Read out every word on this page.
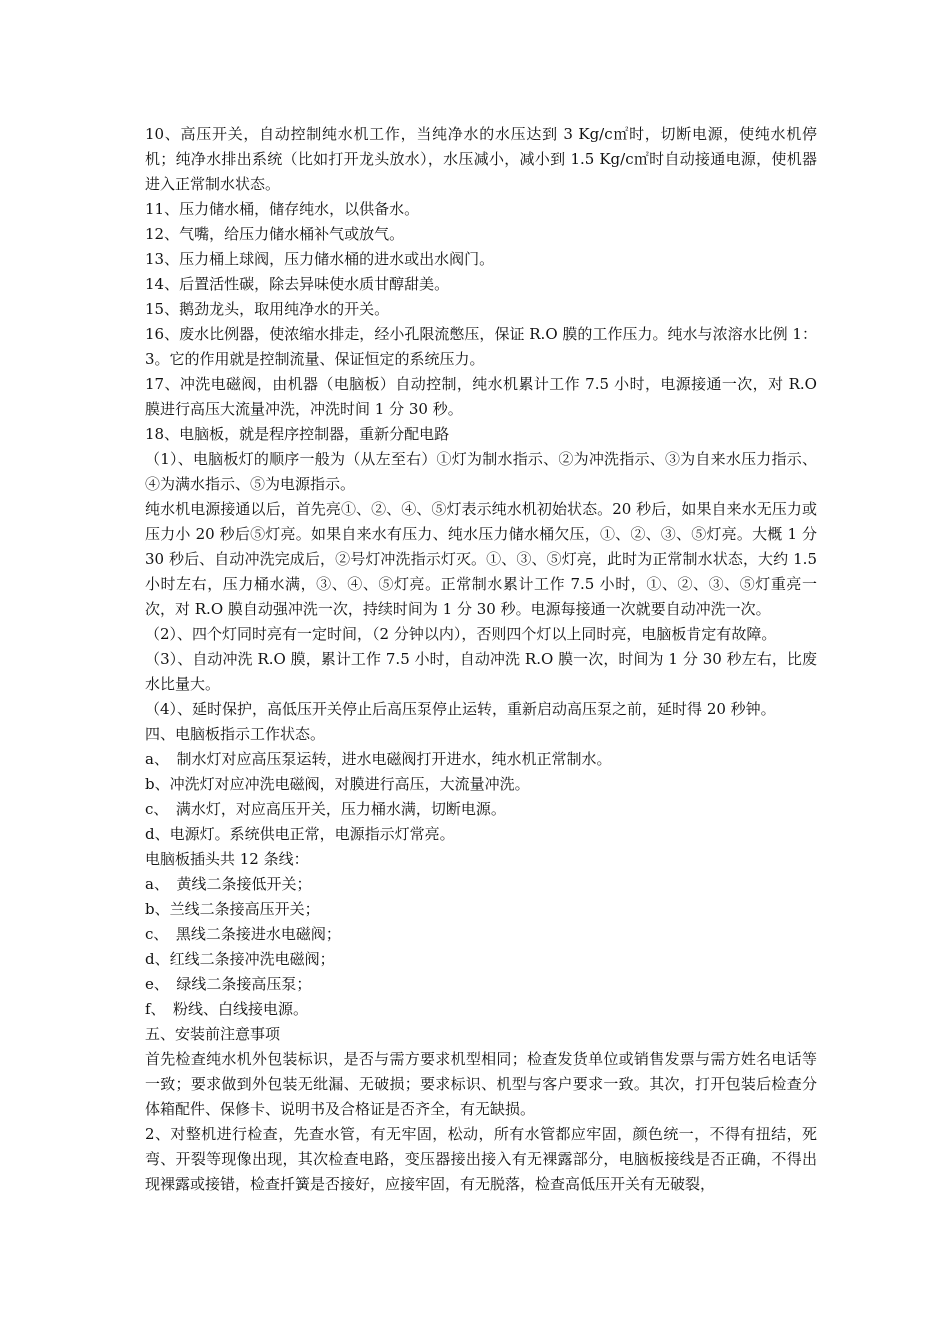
10、高压开关，自动控制纯水机工作，当纯净水的水压达到 3 Kg/c㎡时，切断电源，使纯水机停机；纯净水排出系统（比如打开龙头放水），水压减小，减小到 1.5 Kg/c㎡时自动接通电源，使机器进入正常制水状态。

11、压力储水桶，储存纯水，以供备水。

12、气嘴，给压力储水桶补气或放气。

13、压力桶上球阀，压力储水桶的进水或出水阀门。

14、后置活性碳，除去异味使水质甘醇甜美。

15、鹅劲龙头，取用纯净水的开关。

16、废水比例器，使浓缩水排走，经小孔限流憋压，保证 R.O 膜的工作压力。纯水与浓溶水比例 1：3。它的作用就是控制流量、保证恒定的系统压力。

17、冲洗电磁阀，由机器（电脑板）自动控制，纯水机累计工作 7.5 小时，电源接通一次，对 R.O 膜进行高压大流量冲洗，冲洗时间 1 分 30 秒。

18、电脑板，就是程序控制器，重新分配电路

（1）、电脑板灯的顺序一般为（从左至右）①灯为制水指示、②为冲洗指示、③为自来水压力指示、④为满水指示、⑤为电源指示。

纯水机电源接通以后，首先亮①、②、④、⑤灯表示纯水机初始状态。20 秒后，如果自来水无压力或压力小 20 秒后⑤灯亮。如果自来水有压力、纯水压力储水桶欠压，①、②、③、⑤灯亮。大概 1 分 30 秒后、自动冲洗完成后，②号灯冲洗指示灯灭。①、③、⑤灯亮，此时为正常制水状态，大约 1.5 小时左右，压力桶水满，③、④、⑤灯亮。正常制水累计工作 7.5 小时，①、②、③、⑤灯重亮一次，对 R.O 膜自动强冲洗一次，持续时间为 1 分 30 秒。电源每接通一次就要自动冲洗一次。

（2）、四个灯同时亮有一定时间，（2 分钟以内），否则四个灯以上同时亮，电脑板肯定有故障。

（3）、自动冲洗 R.O 膜，累计工作 7.5 小时，自动冲洗 R.O 膜一次，时间为 1 分 30 秒左右，比废水比量大。

（4）、延时保护，高低压开关停止后高压泵停止运转，重新启动高压泵之前，延时得 20 秒钟。

四、电脑板指示工作状态。

a、　制水灯对应高压泵运转，进水电磁阀打开进水，纯水机正常制水。

b、冲洗灯对应冲洗电磁阀，对膜进行高压，大流量冲洗。

c、　满水灯，对应高压开关，压力桶水满，切断电源。

d、电源灯。系统供电正常，电源指示灯常亮。

电脑板插头共 12 条线：

a、　黄线二条接低开关；

b、兰线二条接高压开关；

c、　黑线二条接进水电磁阀；

d、红线二条接冲洗电磁阀；

e、　绿线二条接高压泵；

f、　粉线、白线接电源。

五、安装前注意事项

首先检查纯水机外包装标识，是否与需方要求机型相同；检查发货单位或销售发票与需方姓名电话等一致；要求做到外包装无纰漏、无破损；要求标识、机型与客户要求一致。其次，打开包装后检查分体箱配件、保修卡、说明书及合格证是否齐全，有无缺损。

2、对整机进行检查，先查水管，有无牢固，松动，所有水管都应牢固，颜色统一，不得有扭结，死弯、开裂等现像出现，其次检查电路，变压器接出接入有无裸露部分，电脑板接线是否正确，不得出现裸露或接错，检查扦簧是否接好，应接牢固，有无脱落，检查高低压开关有无破裂，
